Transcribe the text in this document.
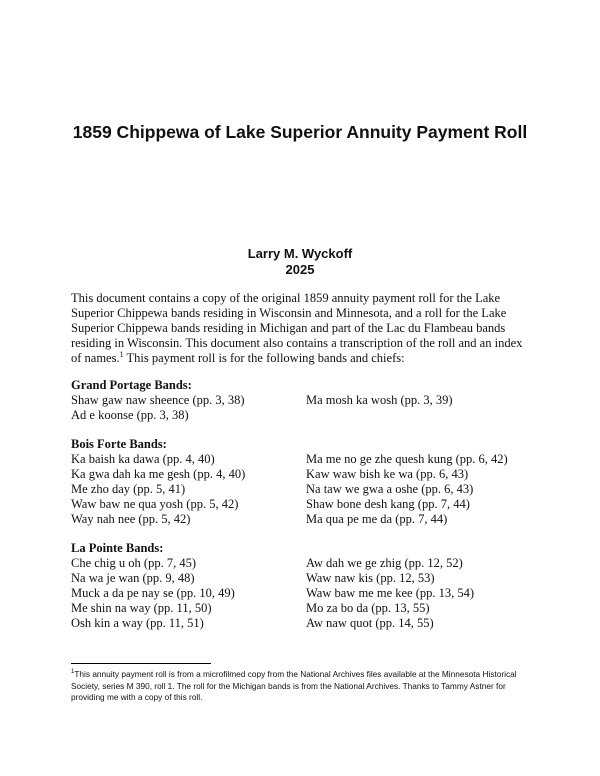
1859 Chippewa of Lake Superior Annuity Payment Roll
Larry M. Wyckoff
2025

This document contains a copy of the original 1859 annuity payment roll for the Lake Superior Chippewa bands residing in Wisconsin and Minnesota, and a roll for the Lake Superior Chippewa bands residing in Michigan and part of the Lac du Flambeau bands residing in Wisconsin. This document also contains a transcription of the roll and an index of names.$^1$ This payment roll is for the following bands and chiefs:

Grand Portage Bands:
Shaw gaw naw sheence (pp. 3, 38)
Ad e koonse (pp. 3, 38)
Ma mosh ka wosh (pp. 3, 39)
Bois Forte Bands:
Ka baish ka dawa (pp. 4, 40)
Ka gwa dah ka me gesh (pp. 4, 40)
Me zho day (pp. 5, 41)
Waw baw ne qua yosh (pp. 5, 42)
Way nah nee (pp. 5, 42)
Ma me no ge zhe quesh kung (pp. 6, 42)
Kaw waw bish ke wa (pp. 6, 43)
Na taw we gwa a oshe (pp. 6, 43)
Shaw bone desh kang (pp. 7, 44)
Ma qua pe me da (pp. 7, 44)
La Pointe Bands:
Che chig u oh (pp. 7, 45)
Na wa je wan (pp. 9, 48)
Muck a da pe nay se (pp. 10, 49)
Me shin na way (pp. 11, 50)
Osh kin a way (pp. 11, 51)
Aw dah we ge zhig (pp. 12, 52)
Waw naw kis (pp. 12, 53)
Waw baw me me kee (pp. 13, 54)
Mo za bo da (pp. 13, 55)
Aw naw quot (pp. 14, 55)

$^1$This annuity payment roll is from a microfilmed copy from the National Archives files available at the Minnesota Historical Society, series M 390, roll 1. The roll for the Michigan bands is from the National Archives. Thanks to Tammy Astner for providing me with a copy of this roll.
